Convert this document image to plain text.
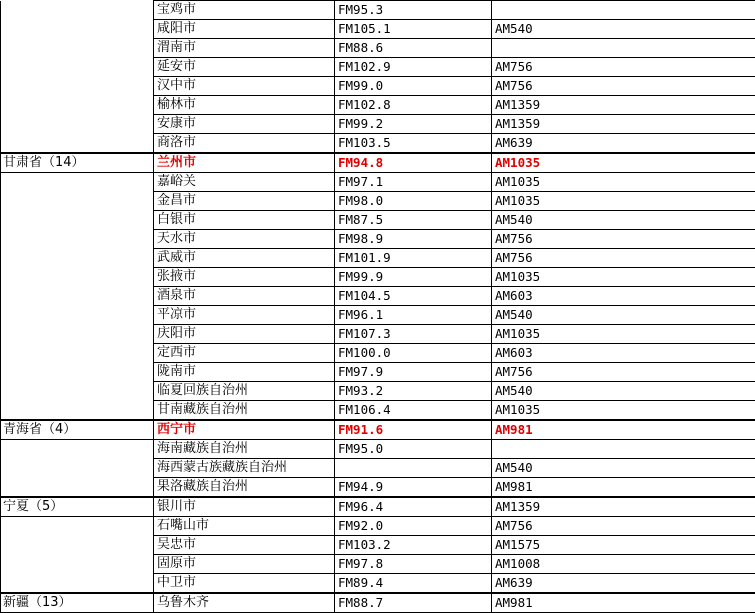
	宝鸡市	FM95.3	
	咸阳市	FM105.1	AM540
	渭南市	FM88.6	
	延安市	FM102.9	AM756
	汉中市	FM99.0	AM756
	榆林市	FM102.8	AM1359
	安康市	FM99.2	AM1359
	商洛市	FM103.5	AM639
甘肃省（14）	兰州市	FM94.8	AM1035
	嘉峪关	FM97.1	AM1035
	金昌市	FM98.0	AM1035
	白银市	FM87.5	AM540
	天水市	FM98.9	AM756
	武威市	FM101.9	AM756
	张掖市	FM99.9	AM1035
	酒泉市	FM104.5	AM603
	平凉市	FM96.1	AM540
	庆阳市	FM107.3	AM1035
	定西市	FM100.0	AM603
	陇南市	FM97.9	AM756
	临夏回族自治州	FM93.2	AM540
	甘南藏族自治州	FM106.4	AM1035
青海省（4）	西宁市	FM91.6	AM981
	海南藏族自治州	FM95.0	
	海西蒙古族藏族自治州		AM540
	果洛藏族自治州	FM94.9	AM981
宁夏（5）	银川市	FM96.4	AM1359
	石嘴山市	FM92.0	AM756
	吴忠市	FM103.2	AM1575
	固原市	FM97.8	AM1008
	中卫市	FM89.4	AM639
新疆（13）	乌鲁木齐	FM88.7	AM981
